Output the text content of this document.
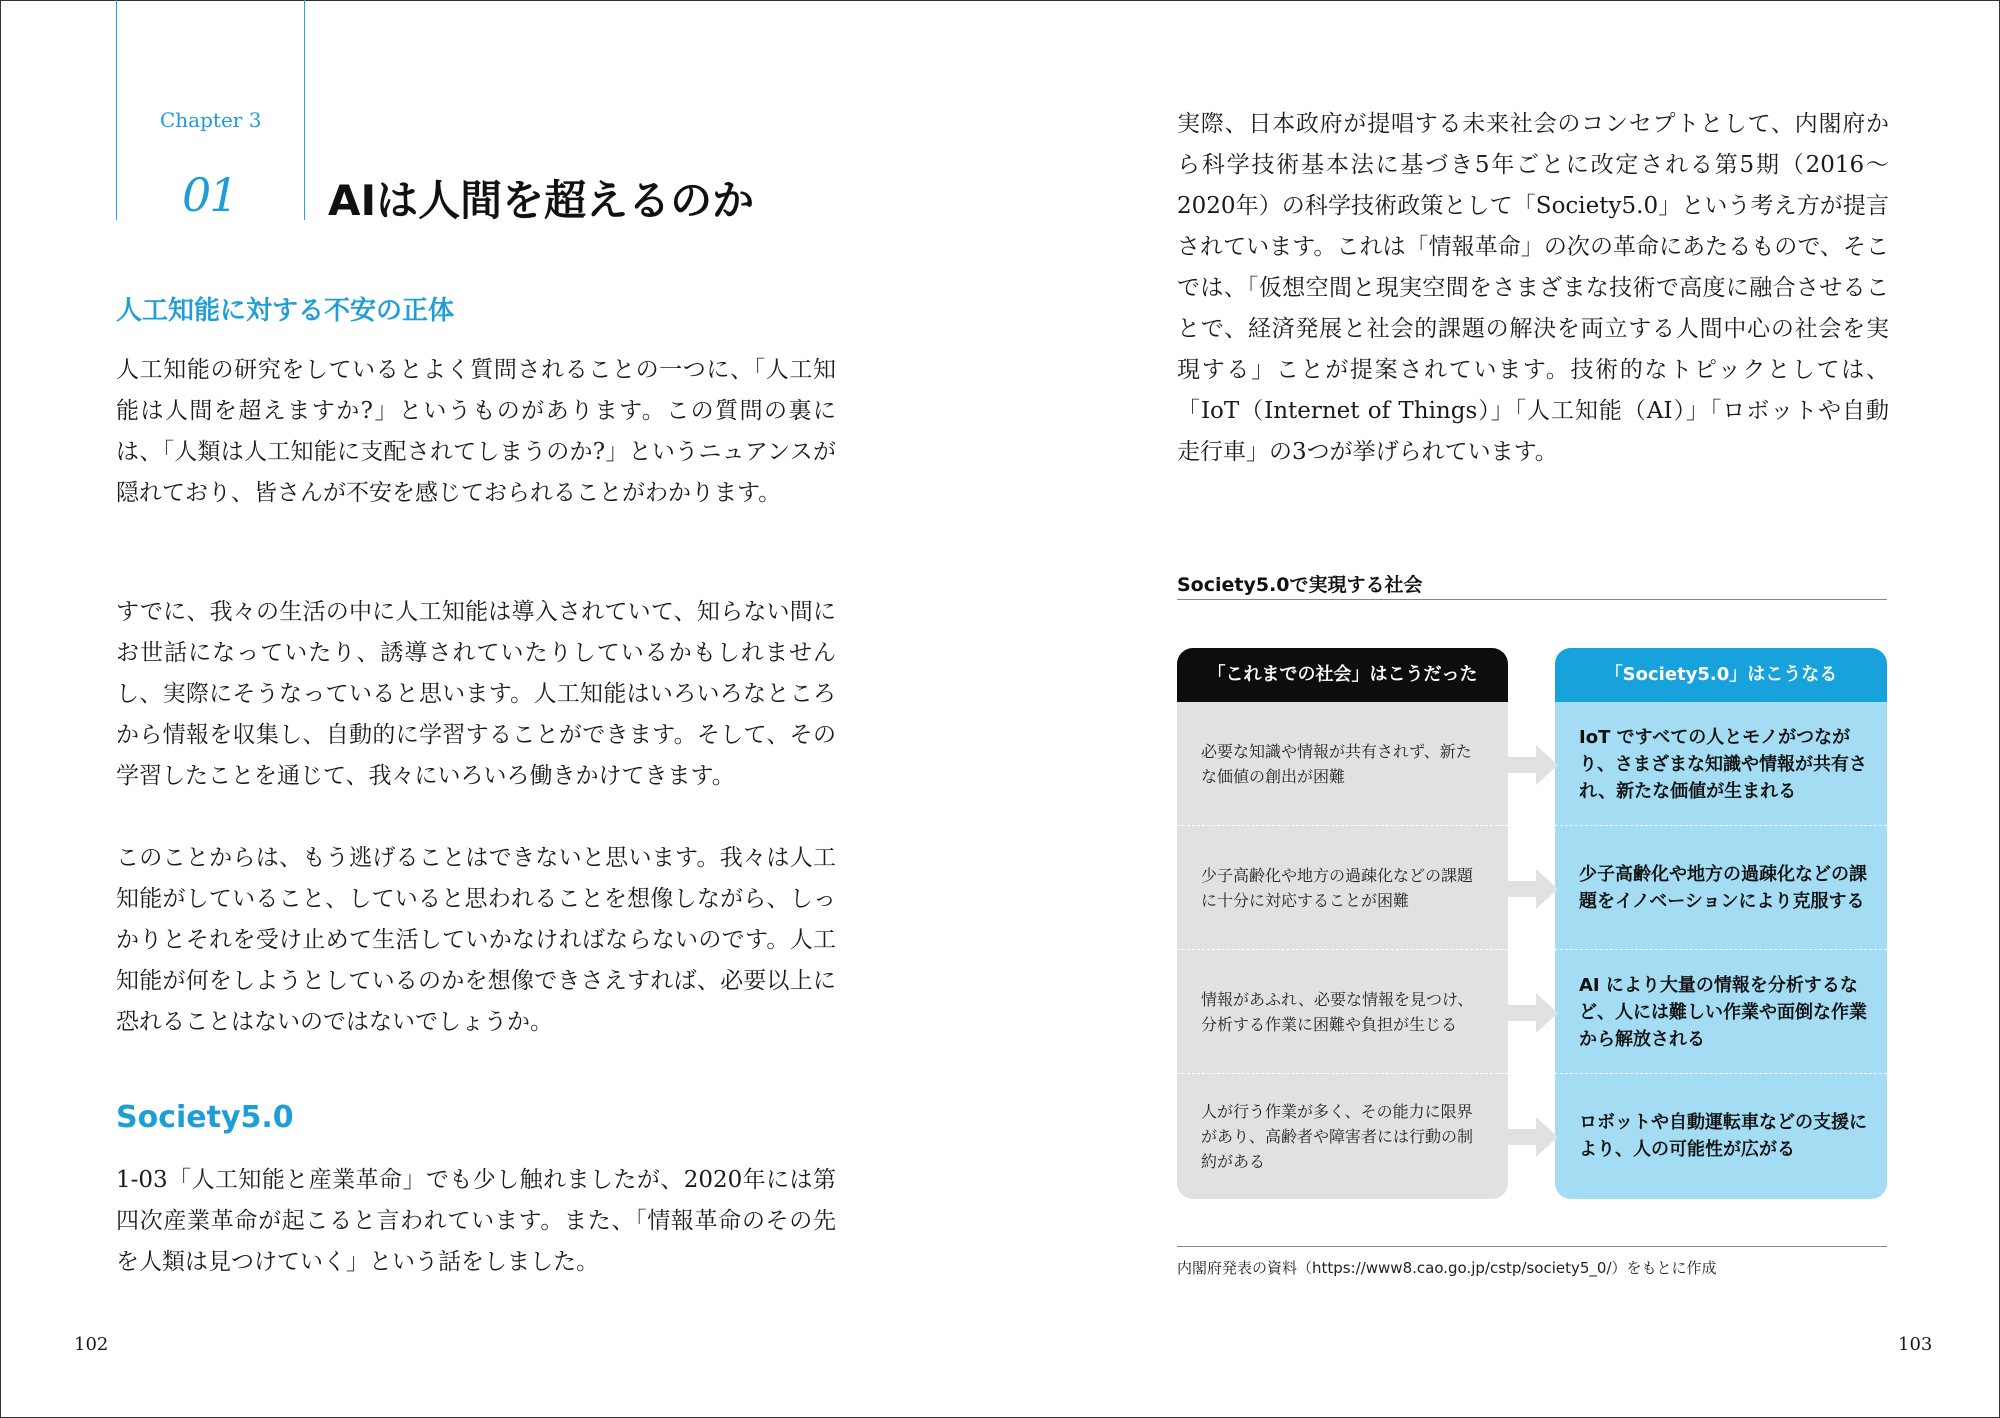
Chapter 3
01 AIは人間を超えるのか
人工知能に対する不安の正体
人工知能の研究をしているとよく質問されることの一つに、「人工知能は人間を超えますか?」というものがあります。この質問の裏には、「人類は人工知能に支配されてしまうのか?」というニュアンスが隠れており、皆さんが不安を感じておられることがわかります。
すでに、我々の生活の中に人工知能は導入されていて、知らない間にお世話になっていたり、誘導されていたりしているかもしれませんし、実際にそうなっていると思います。人工知能はいろいろなところから情報を収集し、自動的に学習することができます。そして、その学習したことを通じて、我々にいろいろ働きかけてきます。
このことからは、もう逃げることはできないと思います。我々は人工知能がしていること、していると思われることを想像しながら、しっかりとそれを受け止めて生活していかなければならないのです。人工知能が何をしようとしているのかを想像できさえすれば、必要以上に恐れることはないのではないでしょうか。
Society5.0
1-03「人工知能と産業革命」でも少し触れましたが、2020年には第四次産業革命が起こると言われています。また、「情報革命のその先を人類は見つけていく」という話をしました。
102
実際、日本政府が提唱する未来社会のコンセプトとして、内閣府から科学技術基本法に基づき5年ごとに改定される第5期（2016～2020年）の科学技術政策として「Society5.0」という考え方が提言されています。これは「情報革命」の次の革命にあたるもので、そこでは、「仮想空間と現実空間をさまざまな技術で高度に融合させることで、経済発展と社会的課題の解決を両立する人間中心の社会を実現する」ことが提案されています。技術的なトピックとしては、「IoT（Internet of Things）」「人工知能（AI）」「ロボットや自動走行車」の3つが挙げられています。
Society5.0で実現する社会
「これまでの社会」はこうだった
必要な知識や情報が共有されず、新たな価値の創出が困難
少子高齢化や地方の過疎化などの課題に十分に対応することが困難
情報があふれ、必要な情報を見つけ、分析する作業に困難や負担が生じる
人が行う作業が多く、その能力に限界があり、高齢者や障害者には行動の制約がある
「Society5.0」はこうなる
IoT ですべての人とモノがつながり、さまざまな知識や情報が共有され、新たな価値が生まれる
少子高齢化や地方の過疎化などの課題をイノベーションにより克服する
AI により大量の情報を分析するなど、人には難しい作業や面倒な作業から解放される
ロボットや自動運転車などの支援により、人の可能性が広がる
内閣府発表の資料（https://www8.cao.go.jp/cstp/society5_0/）をもとに作成
103
